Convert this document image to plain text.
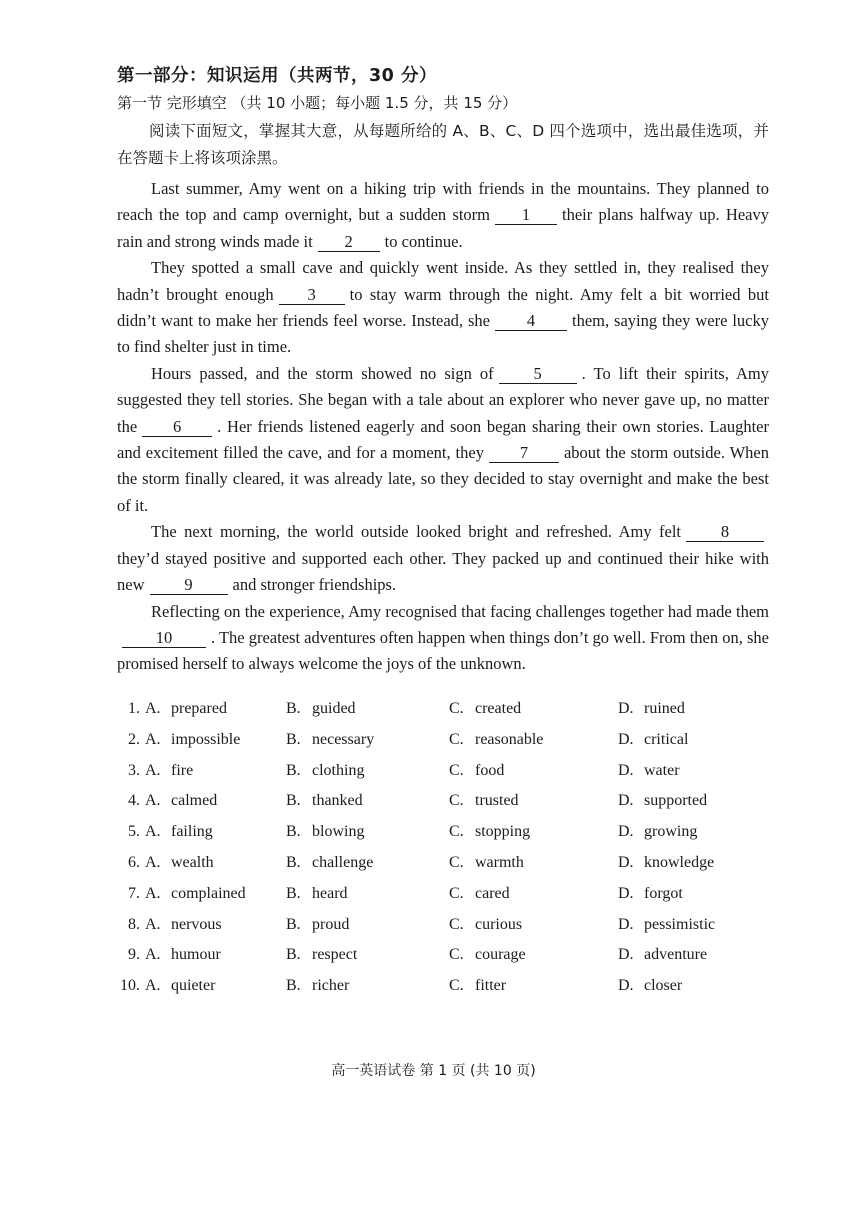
第一部分：知识运用（共两节，30 分）
第一节 完形填空 （共 10 小题；每小题 1.5 分，共 15 分）
阅读下面短文，掌握其大意，从每题所给的 A、B、C、D 四个选项中，选出最佳选项，并在答题卡上将该项涂黑。

Last summer, Amy went on a hiking trip with friends in the mountains. They planned to reach the top and camp overnight, but a sudden storm 1 their plans halfway up. Heavy rain and strong winds made it 2 to continue.

They spotted a small cave and quickly went inside. As they settled in, they realised they hadn’t brought enough 3 to stay warm through the night. Amy felt a bit worried but didn’t want to make her friends feel worse. Instead, she 4 them, saying they were lucky to find shelter just in time.

Hours passed, and the storm showed no sign of 5 . To lift their spirits, Amy suggested they tell stories. She began with a tale about an explorer who never gave up, no matter the 6 . Her friends listened eagerly and soon began sharing their own stories. Laughter and excitement filled the cave, and for a moment, they 7 about the storm outside. When the storm finally cleared, it was already late, so they decided to stay overnight and make the best of it.

The next morning, the world outside looked bright and refreshed. Amy felt 8they’d stayed positive and supported each other. They packed up and continued their hike with new 9 and stronger friendships.

Reflecting on the experience, Amy recognised that facing challenges together had made them10 . The greatest adventures often happen when things don’t go well. From then on, she promised herself to always welcome the joys of the unknown.

1. A. prepared	B. guided	C. created	D. ruined
2. A. impossible	B. necessary	C. reasonable	D. critical
3. A. fire	B. clothing	C. food	D. water
4. A. calmed	B. thanked	C. trusted	D. supported
5. A. failing	B. blowing	C. stopping	D. growing
6. A. wealth	B. challenge	C. warmth	D. knowledge
7. A. complained	B. heard	C. cared	D. forgot
8. A. nervous	B. proud	C. curious	D. pessimistic
9. A. humour	B. respect	C. courage	D. adventure
10. A. quieter	B. richer	C. fitter	D. closer
高一英语试卷 第 1 页 (共 10 页)
